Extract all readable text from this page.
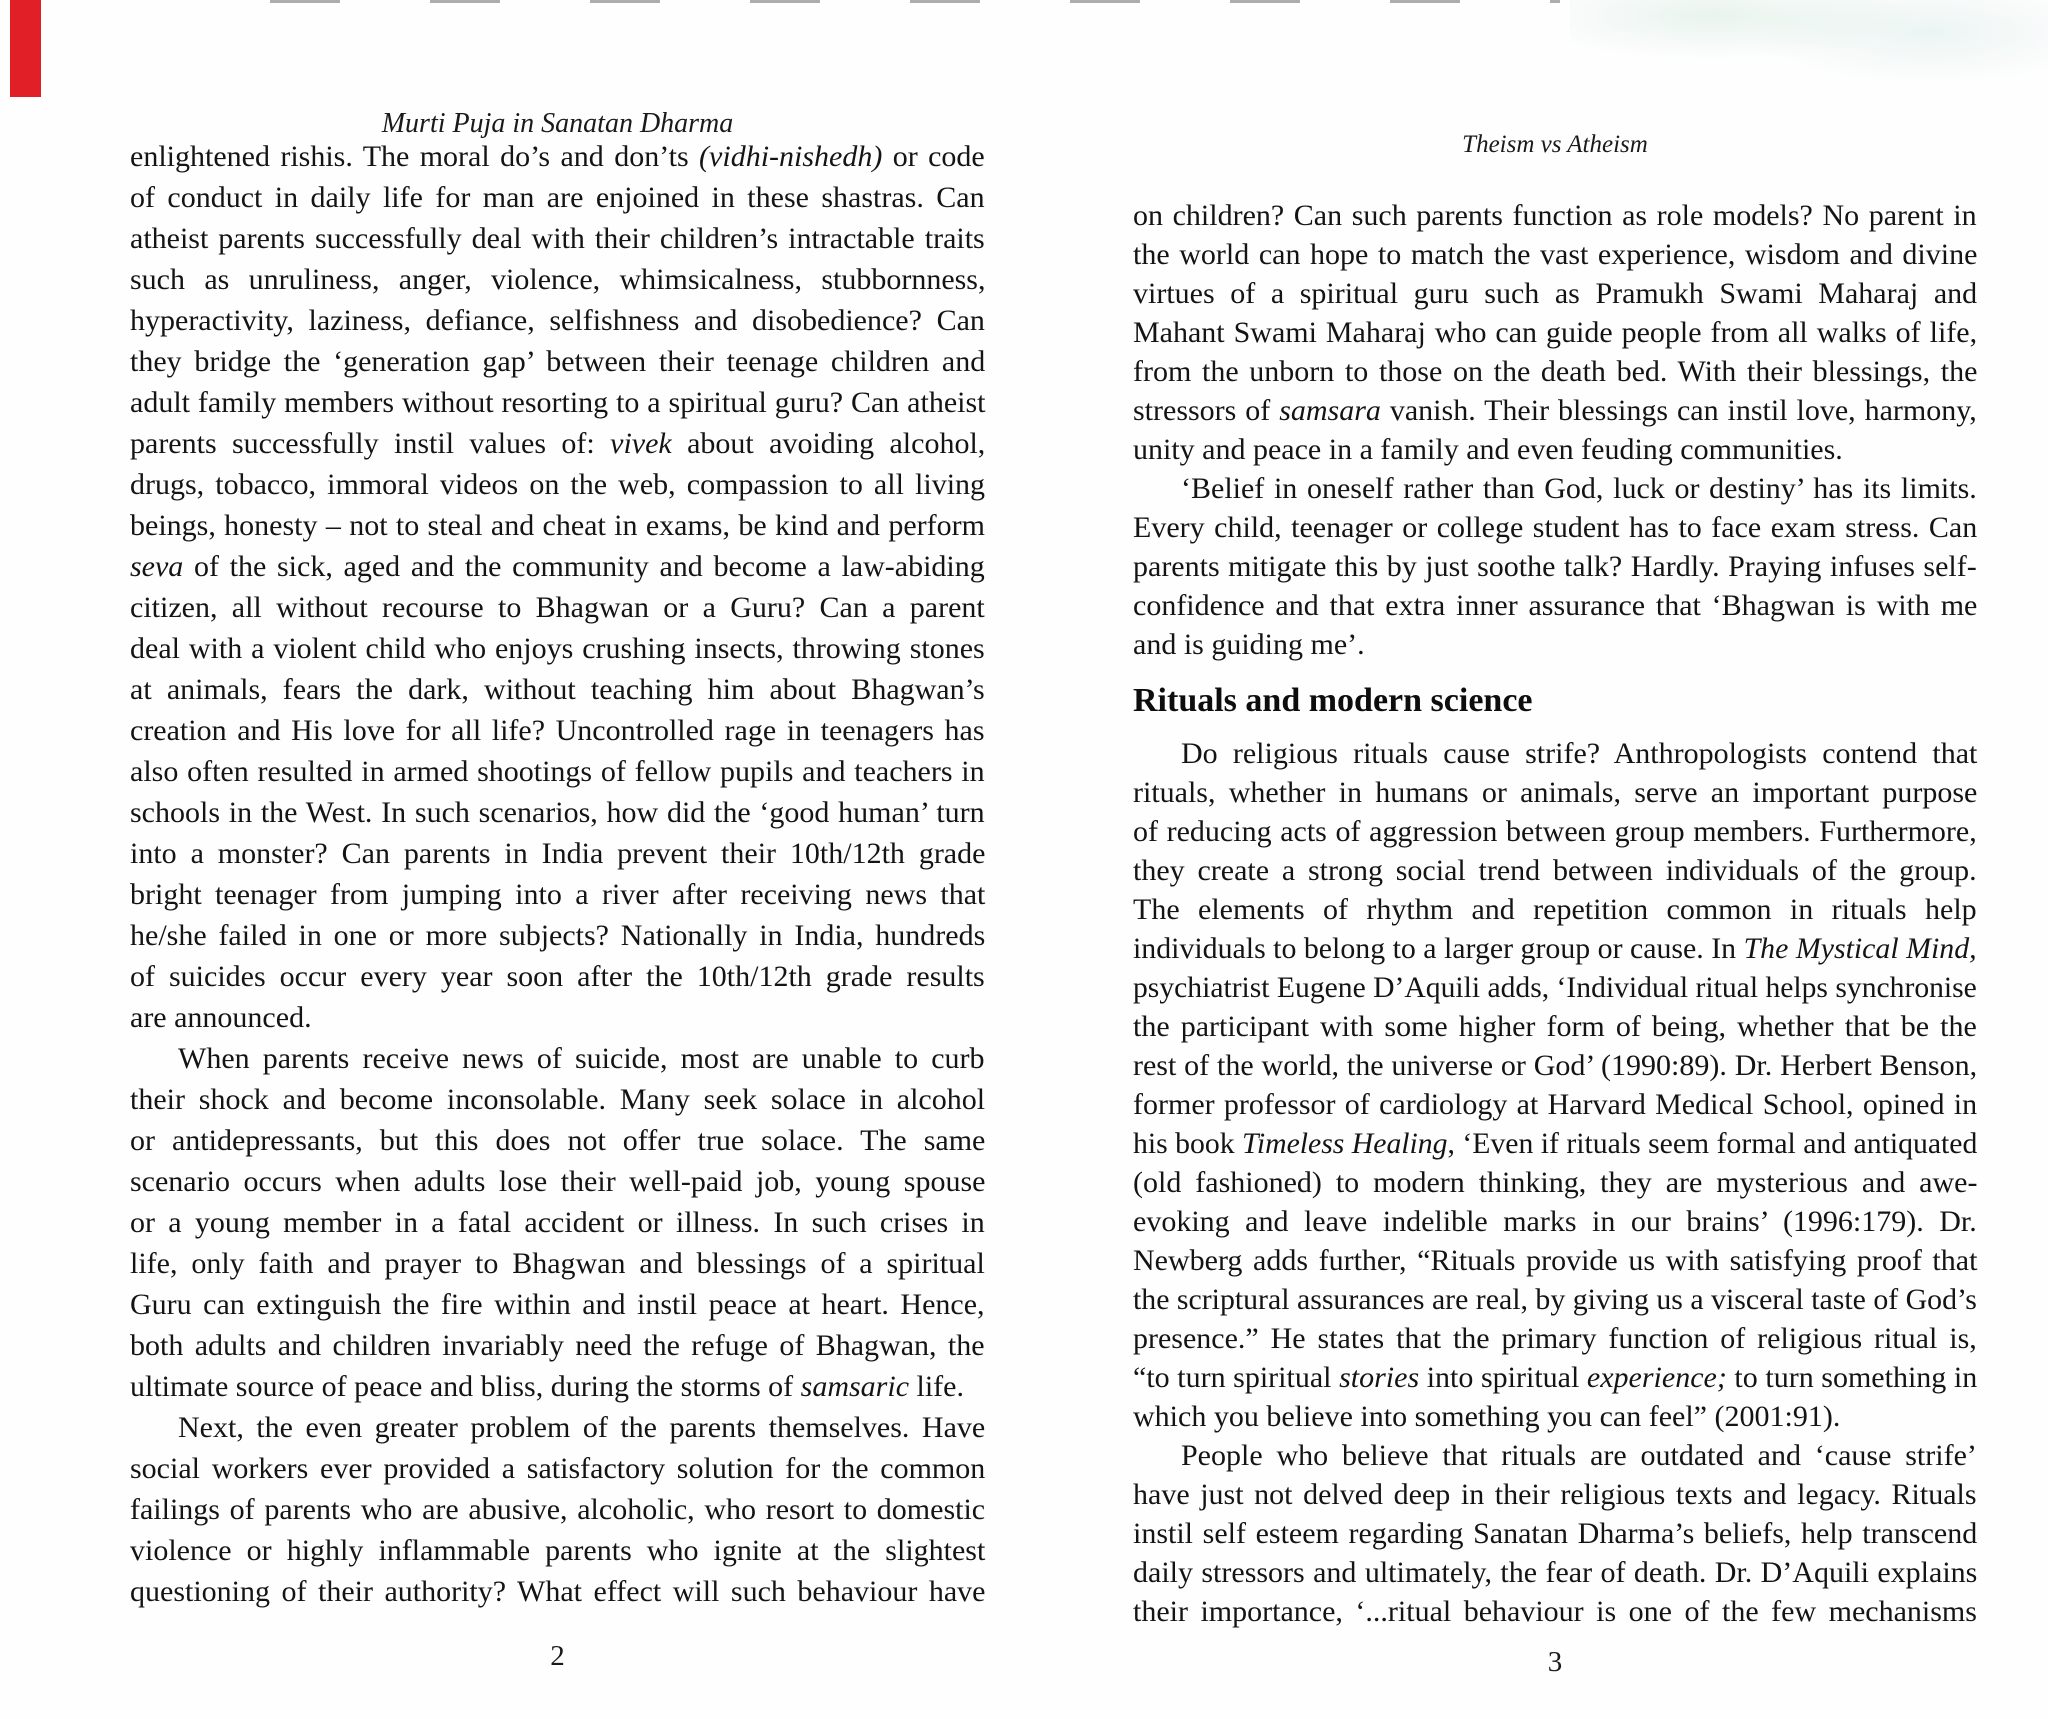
Murti Puja in Sanatan Dharma
enlightened rishis. The moral do’s and don’ts (vidhi-nishedh) or code
of conduct in daily life for man are enjoined in these shastras. Can
atheist parents successfully deal with their children’s intractable traits
such as unruliness, anger, violence, whimsicalness, stubbornness,
hyperactivity, laziness, defiance, selfishness and disobedience? Can
they bridge the ‘generation gap’ between their teenage children and
adult family members without resorting to a spiritual guru? Can atheist
parents successfully instil values of: vivek about avoiding alcohol,
drugs, tobacco, immoral videos on the web, compassion to all living
beings, honesty – not to steal and cheat in exams, be kind and perform
seva of the sick, aged and the community and become a law-abiding
citizen, all without recourse to Bhagwan or a Guru? Can a parent
deal with a violent child who enjoys crushing insects, throwing stones
at animals, fears the dark, without teaching him about Bhagwan’s
creation and His love for all life? Uncontrolled rage in teenagers has
also often resulted in armed shootings of fellow pupils and teachers in
schools in the West. In such scenarios, how did the ‘good human’ turn
into a monster? Can parents in India prevent their 10th/12th grade
bright teenager from jumping into a river after receiving news that
he/she failed in one or more subjects? Nationally in India, hundreds
of suicides occur every year soon after the 10th/12th grade results
are announced.
When parents receive news of suicide, most are unable to curb
their shock and become inconsolable. Many seek solace in alcohol
or antidepressants, but this does not offer true solace. The same
scenario occurs when adults lose their well-paid job, young spouse
or a young member in a fatal accident or illness. In such crises in
life, only faith and prayer to Bhagwan and blessings of a spiritual
Guru can extinguish the fire within and instil peace at heart. Hence,
both adults and children invariably need the refuge of Bhagwan, the
ultimate source of peace and bliss, during the storms of samsaric life.
Next, the even greater problem of the parents themselves. Have
social workers ever provided a satisfactory solution for the common
failings of parents who are abusive, alcoholic, who resort to domestic
violence or highly inflammable parents who ignite at the slightest
questioning of their authority? What effect will such behaviour have
2
Theism vs Atheism
on children? Can such parents function as role models? No parent in
the world can hope to match the vast experience, wisdom and divine
virtues of a spiritual guru such as Pramukh Swami Maharaj and
Mahant Swami Maharaj who can guide people from all walks of life,
from the unborn to those on the death bed. With their blessings, the
stressors of samsara vanish. Their blessings can instil love, harmony,
unity and peace in a family and even feuding communities.
‘Belief in oneself rather than God, luck or destiny’ has its limits.
Every child, teenager or college student has to face exam stress. Can
parents mitigate this by just soothe talk? Hardly. Praying infuses self-
confidence and that extra inner assurance that ‘Bhagwan is with me
and is guiding me’.
Rituals and modern science
Do religious rituals cause strife? Anthropologists contend that
rituals, whether in humans or animals, serve an important purpose
of reducing acts of aggression between group members. Furthermore,
they create a strong social trend between individuals of the group.
The elements of rhythm and repetition common in rituals help
individuals to belong to a larger group or cause. In The Mystical Mind,
psychiatrist Eugene D’Aquili adds, ‘Individual ritual helps synchronise
the participant with some higher form of being, whether that be the
rest of the world, the universe or God’ (1990:89). Dr. Herbert Benson,
former professor of cardiology at Harvard Medical School, opined in
his book Timeless Healing, ‘Even if rituals seem formal and antiquated
(old fashioned) to modern thinking, they are mysterious and awe-
evoking and leave indelible marks in our brains’ (1996:179). Dr.
Newberg adds further, “Rituals provide us with satisfying proof that
the scriptural assurances are real, by giving us a visceral taste of God’s
presence.” He states that the primary function of religious ritual is,
“to turn spiritual stories into spiritual experience; to turn something in
which you believe into something you can feel” (2001:91).
People who believe that rituals are outdated and ‘cause strife’
have just not delved deep in their religious texts and legacy. Rituals
instil self esteem regarding Sanatan Dharma’s beliefs, help transcend
daily stressors and ultimately, the fear of death. Dr. D’Aquili explains
their importance, ‘...ritual behaviour is one of the few mechanisms
3
